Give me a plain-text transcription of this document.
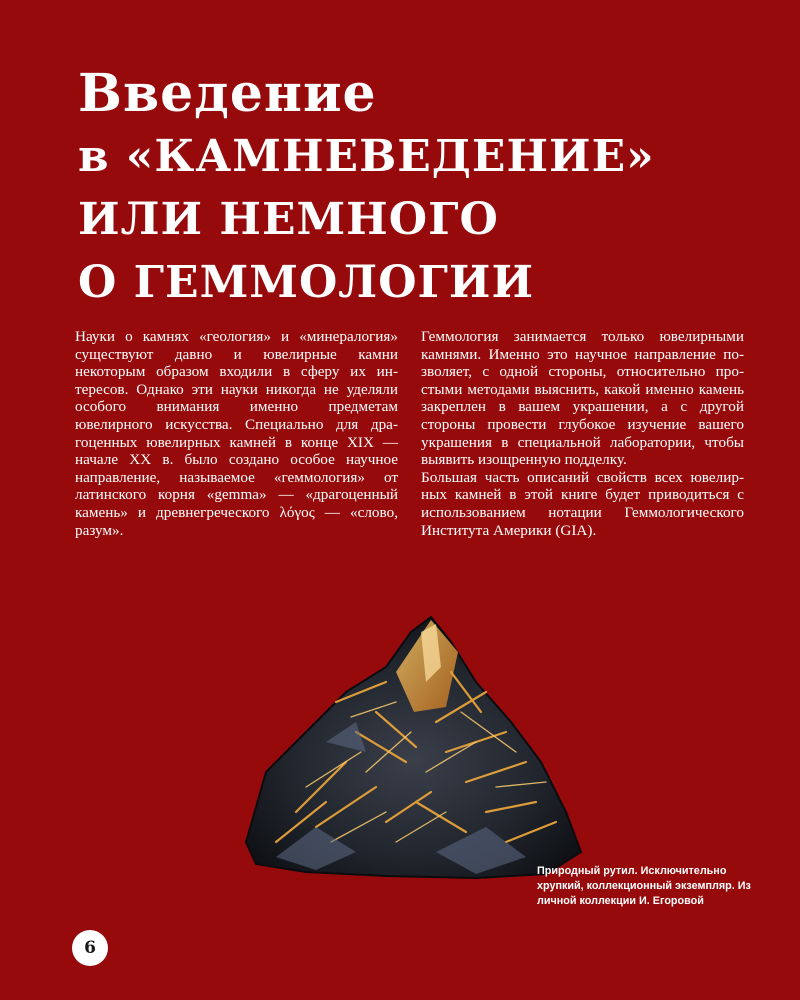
Введение
в «КАМНЕВЕДЕНИЕ»
ИЛИ НЕМНОГО
О ГЕММОЛОГИИ

Науки о камнях «геология» и «минералогия» существуют давно и ювелирные камни некоторым образом входили в сферу их интересов. Однако эти науки никогда не уделяли особого внимания именно предметам ювелирного искусства. Специально для драгоценных ювелирных камней в конце XIX — начале XX в. было создано особое научное направление, называемое «геммология» от латинского корня «gemma» — «драгоценный камень» и древнегреческого λόγος — «слово, разум».

Геммология занимается только ювелирными камнями. Именно это научное направление позволяет, с одной стороны, относительно простыми методами выяснить, какой именно камень закреплен в вашем украшении, а с другой стороны провести глубокое изучение вашего украшения в специальной лаборатории, чтобы выявить изощренную подделку.

Большая часть описаний свойств всех ювелирных камней в этой книге будет приводиться с использованием нотации Геммологического Института Америки (GIA).

Природный рутил. Исключительно хрупкий, коллекционный экземпляр. Из личной коллекции И. Егоровой

6
